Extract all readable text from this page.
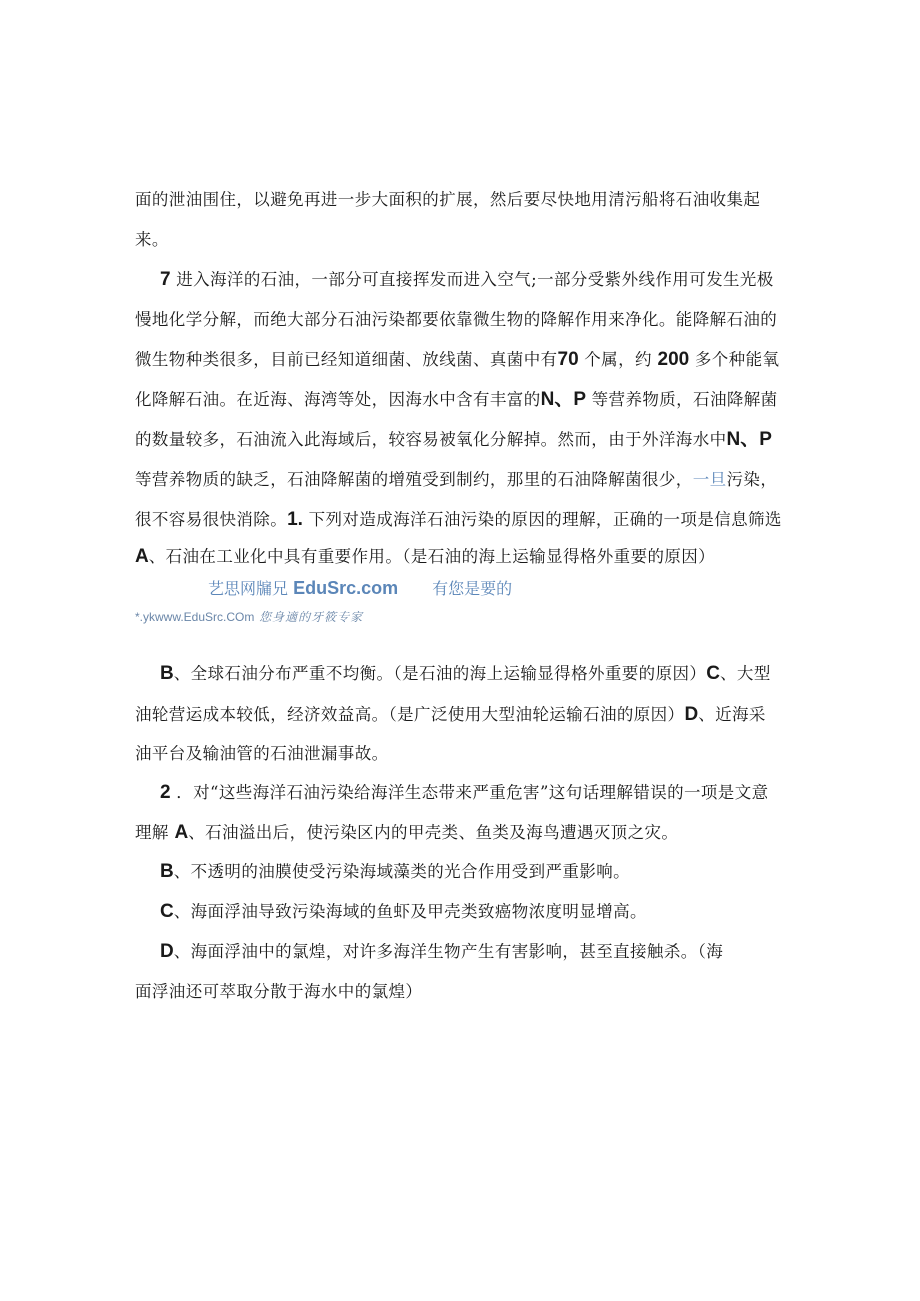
面的泄油围住，以避免再进一步大面积的扩展，然后要尽快地用清污船将石油收集起

来。

7 进入海洋的石油，一部分可直接挥发而进入空气;一部分受紫外线作用可发生光极

慢地化学分解，而绝大部分石油污染都要依靠微生物的降解作用来净化。能降解石油的

微生物种类很多，目前已经知道细菌、放线菌、真菌中有70 个属，约 200 多个种能氧

化降解石油。在近海、海湾等处，因海水中含有丰富的N、P 等营养物质，石油降解菌

的数量较多，石油流入此海域后，较容易被氧化分解掉。然而，由于外洋海水中N、P

等营养物质的缺乏，石油降解菌的增殖受到制约，那里的石油降解菌很少，一旦污染，

很不容易很快消除。1. 下列对造成海洋石油污染的原因的理解，正确的一项是信息筛选

A、石油在工业化中具有重要作用。（是石油的海上运输显得格外重要的原因）

艺思网牖兄 EduSrc.com 有您是要的

*.ykwww.EduSrc.COm 您身適的牙筱专家

B、全球石油分布严重不均衡。（是石油的海上运输显得格外重要的原因）C、大型

油轮营运成本较低，经济效益高。（是广泛使用大型油轮运输石油的原因）D、近海采

油平台及输油管的石油泄漏事故。

2 ．对“这些海洋石油污染给海洋生态带来严重危害”这句话理解错误的一项是文意

理解 A、石油溢出后，使污染区内的甲壳类、鱼类及海鸟遭遇灭顶之灾。

B、不透明的油膜使受污染海域藻类的光合作用受到严重影响。

C、海面浮油导致污染海域的鱼虾及甲壳类致癌物浓度明显增高。

D、海面浮油中的氯煌，对许多海洋生物产生有害影响，甚至直接触杀。（海

面浮油还可萃取分散于海水中的氯煌）
